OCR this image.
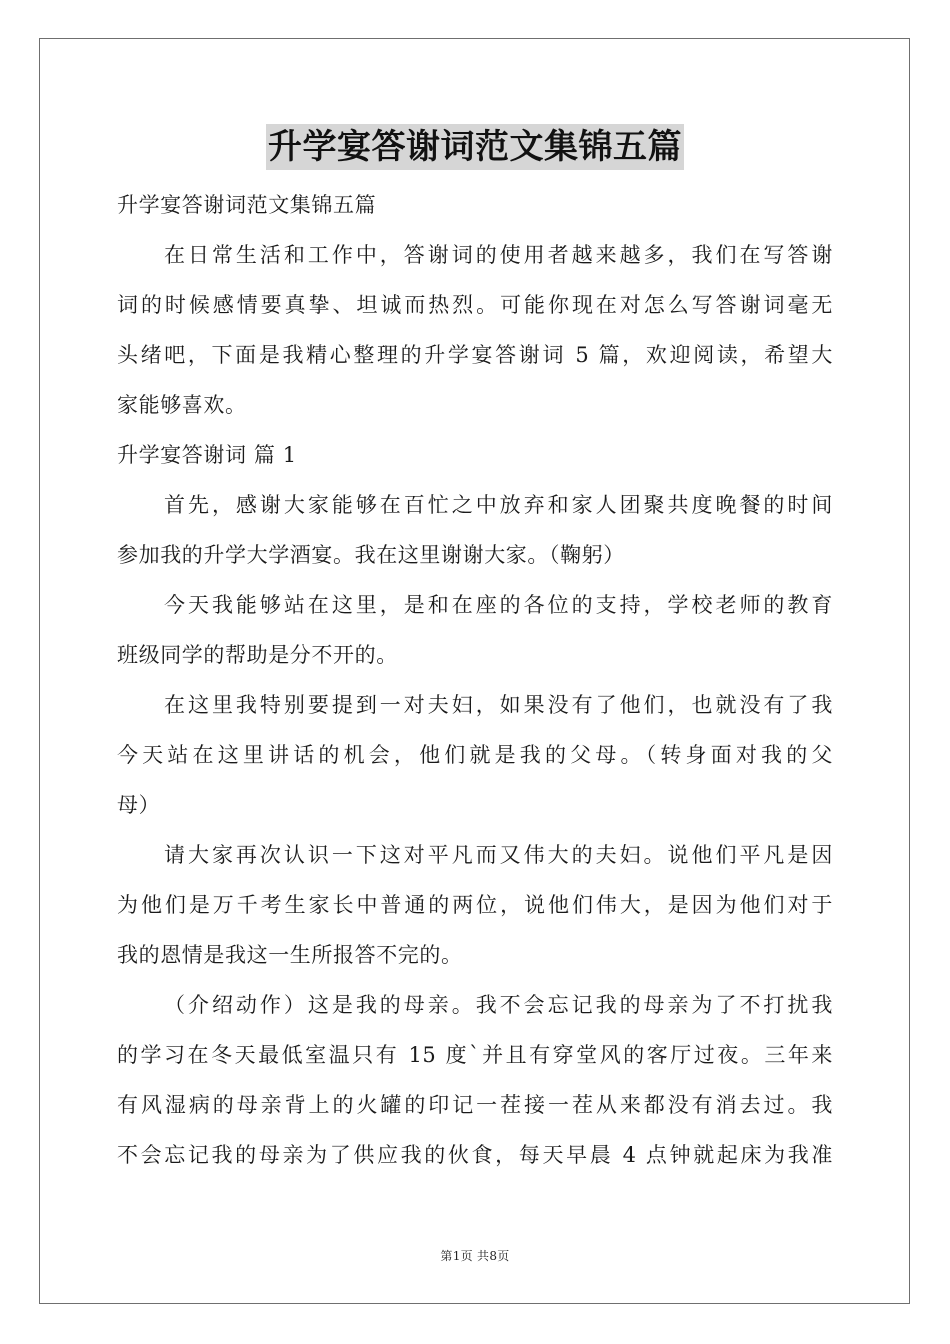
升学宴答谢词范文集锦五篇
升学宴答谢词范文集锦五篇
在日常生活和工作中，答谢词的使用者越来越多，我们在写答谢
词的时候感情要真挚、坦诚而热烈。可能你现在对怎么写答谢词毫无
头绪吧，下面是我精心整理的升学宴答谢词 5 篇，欢迎阅读，希望大
家能够喜欢。
升学宴答谢词 篇 1
首先，感谢大家能够在百忙之中放弃和家人团聚共度晚餐的时间
参加我的升学大学酒宴。我在这里谢谢大家。（鞠躬）
今天我能够站在这里，是和在座的各位的支持，学校老师的教育
班级同学的帮助是分不开的。
在这里我特别要提到一对夫妇，如果没有了他们，也就没有了我
今天站在这里讲话的机会，他们就是我的父母。（转身面对我的父
母）
请大家再次认识一下这对平凡而又伟大的夫妇。说他们平凡是因
为他们是万千考生家长中普通的两位，说他们伟大，是因为他们对于
我的恩情是我这一生所报答不完的。
（介绍动作）这是我的母亲。我不会忘记我的母亲为了不打扰我
的学习在冬天最低室温只有 15 度`并且有穿堂风的客厅过夜。三年来
有风湿病的母亲背上的火罐的印记一茬接一茬从来都没有消去过。我
不会忘记我的母亲为了供应我的伙食，每天早晨 4 点钟就起床为我准
第1页 共8页
